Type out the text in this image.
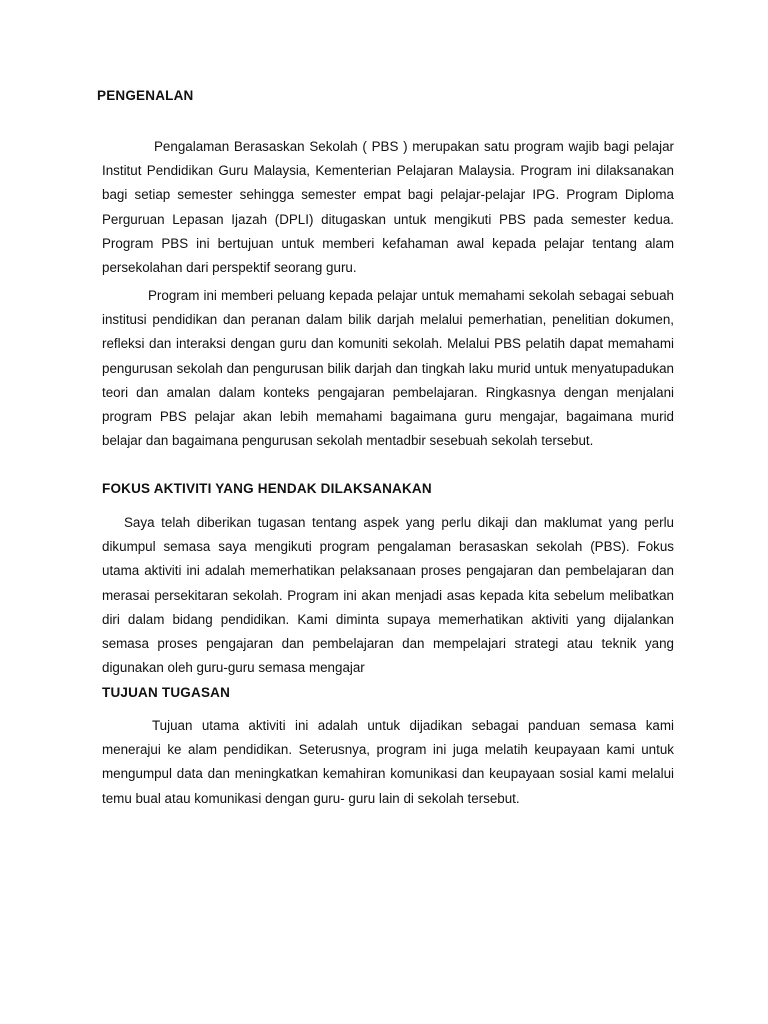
PENGENALAN

Pengalaman Berasaskan Sekolah ( PBS ) merupakan satu program wajib bagi pelajar Institut Pendidikan Guru Malaysia, Kementerian Pelajaran Malaysia. Program ini dilaksanakan bagi setiap semester sehingga semester empat bagi pelajar-pelajar IPG. Program Diploma Perguruan Lepasan Ijazah (DPLI) ditugaskan untuk mengikuti PBS pada semester kedua. Program PBS ini bertujuan untuk memberi kefahaman awal kepada pelajar tentang alam persekolahan dari perspektif seorang guru.

Program ini memberi peluang kepada pelajar untuk memahami sekolah sebagai sebuah institusi pendidikan dan peranan dalam bilik darjah melalui pemerhatian, penelitian dokumen, refleksi dan interaksi dengan guru dan komuniti sekolah. Melalui PBS pelatih dapat memahami pengurusan sekolah dan pengurusan bilik darjah dan tingkah laku murid untuk menyatupadukan teori dan amalan dalam konteks pengajaran pembelajaran. Ringkasnya dengan menjalani program PBS pelajar akan lebih memahami bagaimana guru mengajar, bagaimana murid belajar dan bagaimana pengurusan sekolah mentadbir sesebuah sekolah tersebut.

FOKUS AKTIVITI YANG HENDAK DILAKSANAKAN

Saya telah diberikan tugasan tentang aspek yang perlu dikaji dan maklumat yang perlu dikumpul semasa saya mengikuti program pengalaman berasaskan sekolah (PBS). Fokus utama aktiviti ini adalah memerhatikan pelaksanaan proses pengajaran dan pembelajaran dan merasai persekitaran sekolah. Program ini akan menjadi asas kepada kita sebelum melibatkan diri dalam bidang pendidikan. Kami diminta supaya memerhatikan aktiviti yang dijalankan semasa proses pengajaran dan pembelajaran dan mempelajari strategi atau teknik yang digunakan oleh guru-guru semasa mengajar

TUJUAN TUGASAN

Tujuan utama aktiviti ini adalah untuk dijadikan sebagai panduan semasa kami menerajui ke alam pendidikan. Seterusnya, program ini juga melatih keupayaan kami untuk mengumpul data dan meningkatkan kemahiran komunikasi dan keupayaan sosial kami melalui temu bual atau komunikasi dengan guru- guru lain di sekolah tersebut.
